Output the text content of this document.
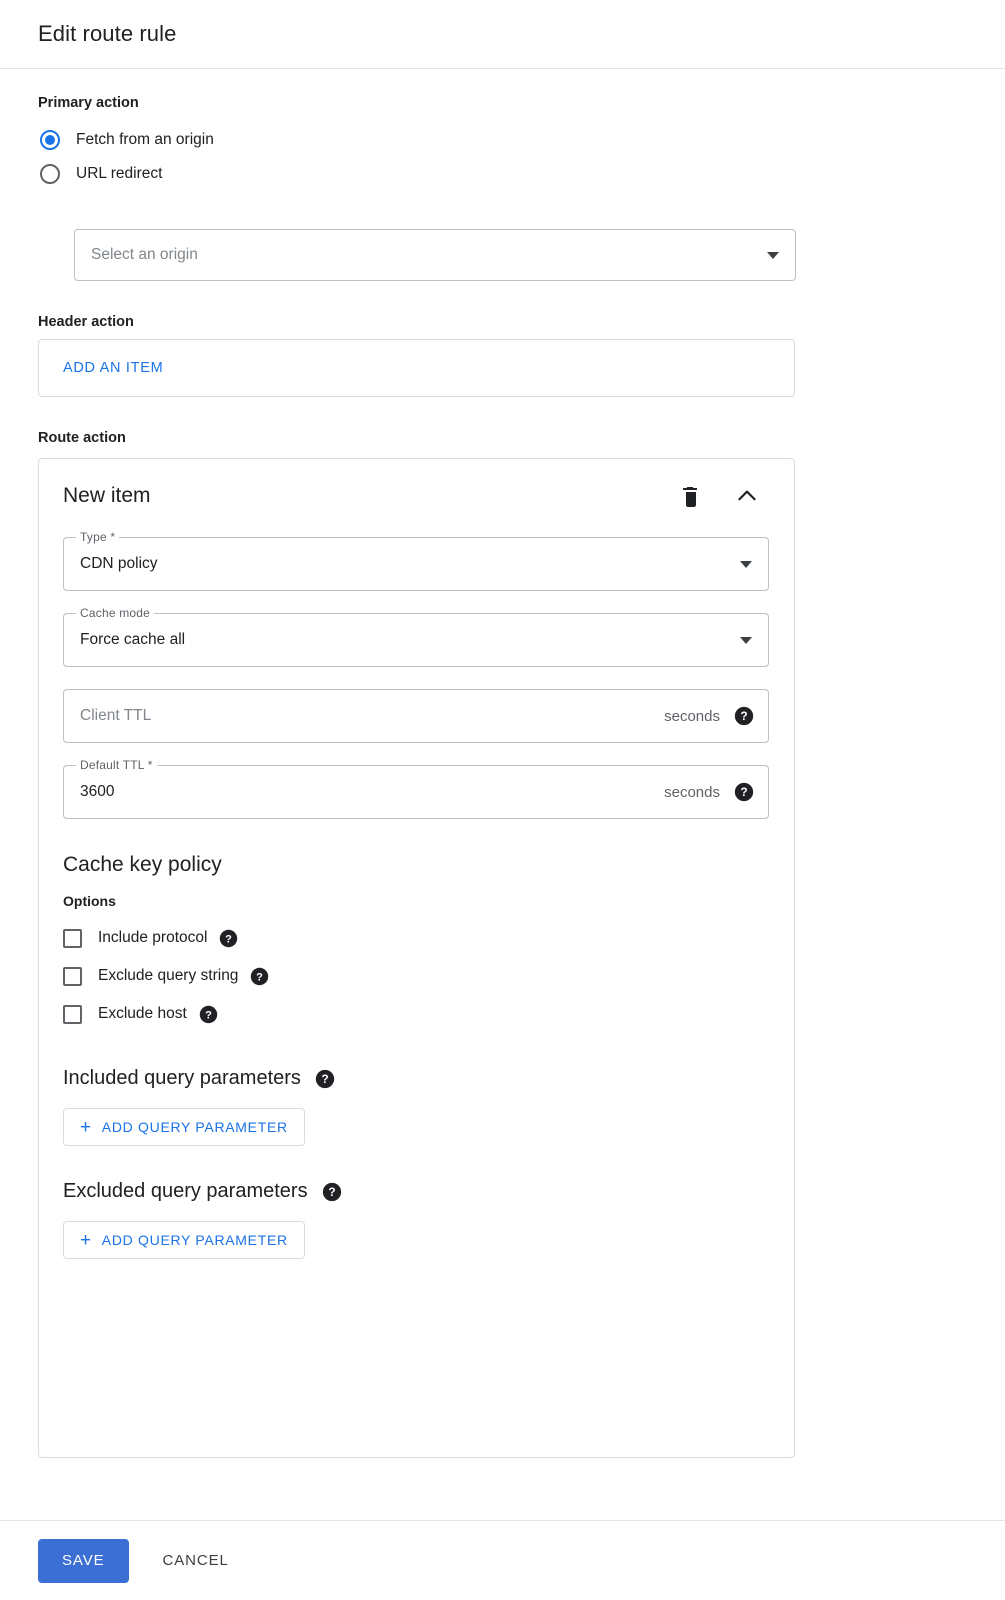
Edit route rule
Primary action
Fetch from an origin
URL redirect
Select an origin
Header action
ADD AN ITEM
Route action
New item
Type *
CDN policy
Cache mode
Force cache all
Client TTL	seconds ?
Default TTL *
3600	seconds ?
Cache key policy
Options
Include protocol ?
Exclude query string ?
Exclude host ?
Included query parameters ?
+ ADD QUERY PARAMETER
Excluded query parameters ?
+ ADD QUERY PARAMETER
SAVE	CANCEL
